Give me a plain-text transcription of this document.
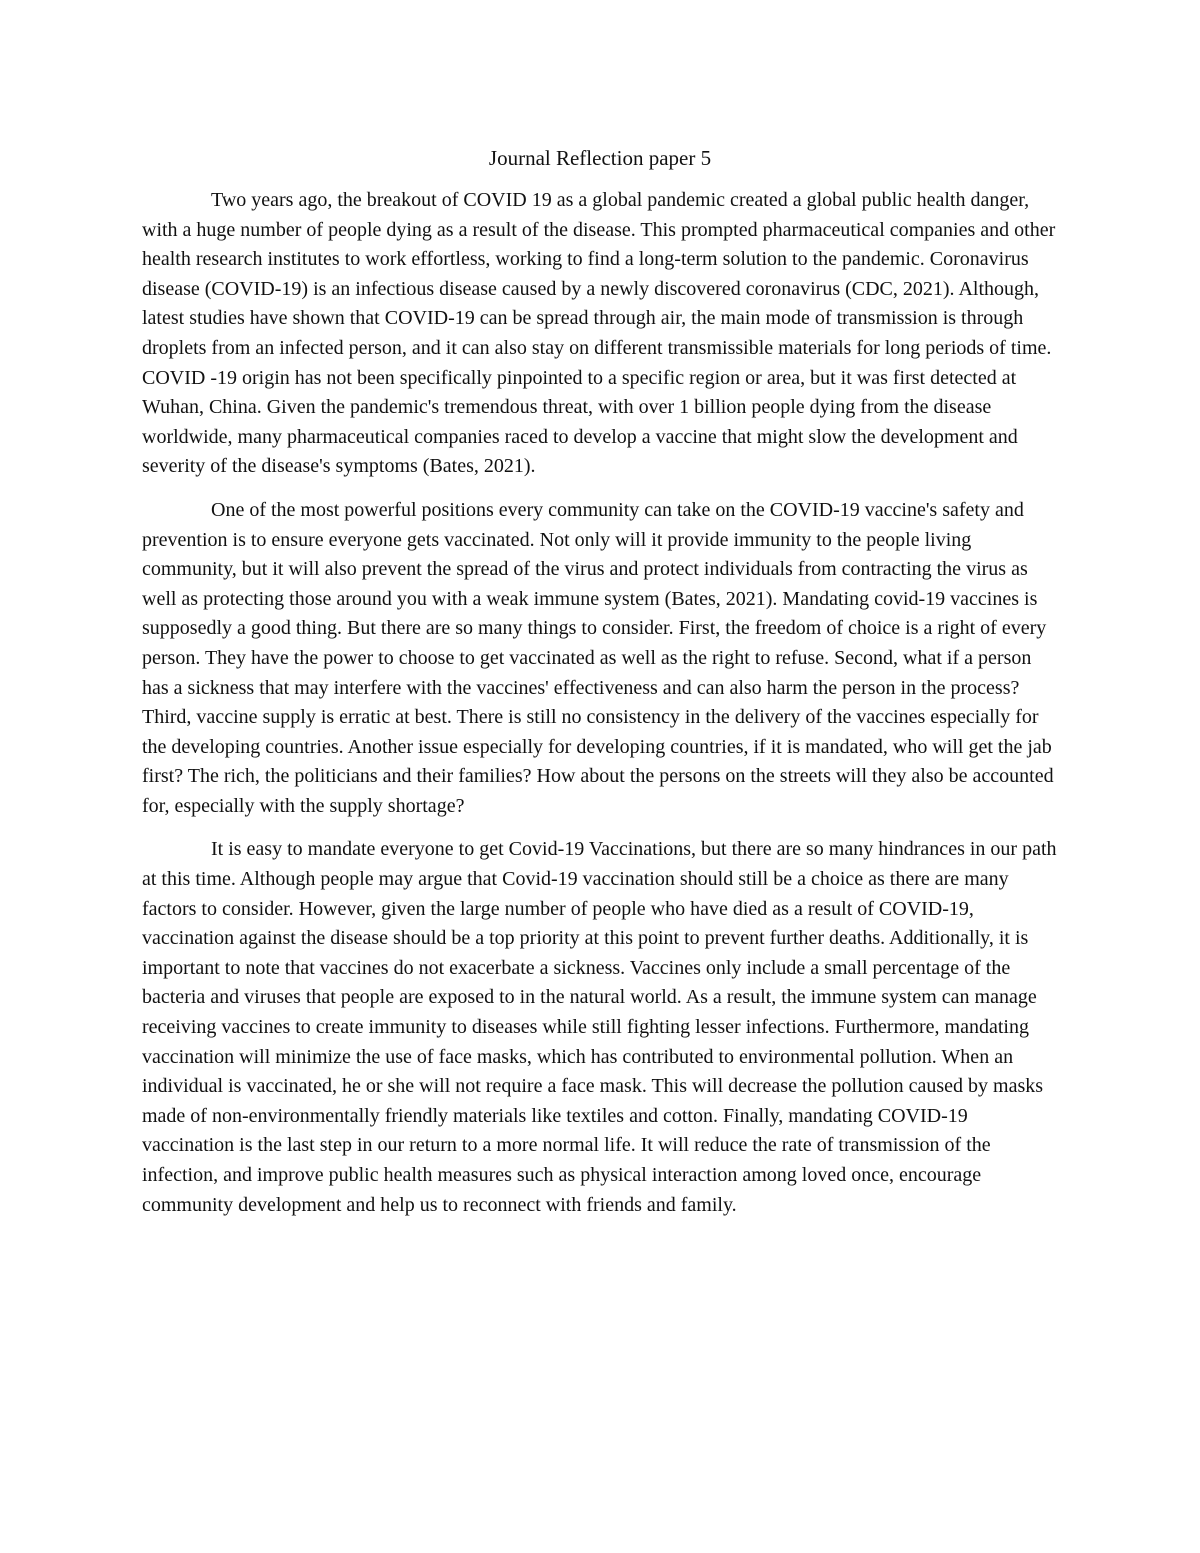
Journal Reflection paper 5

Two years ago, the breakout of COVID 19 as a global pandemic created a global public health danger, with a huge number of people dying as a result of the disease. This prompted pharmaceutical companies and other health research institutes to work effortless, working to find a long-term solution to the pandemic. Coronavirus disease (COVID-19) is an infectious disease caused by a newly discovered coronavirus (CDC, 2021). Although, latest studies have shown that COVID-19 can be spread through air, the main mode of transmission is through droplets from an infected person, and it can also stay on different transmissible materials for long periods of time. COVID -19 origin has not been specifically pinpointed to a specific region or area, but it was first detected at Wuhan, China. Given the pandemic's tremendous threat, with over 1 billion people dying from the disease worldwide, many pharmaceutical companies raced to develop a vaccine that might slow the development and severity of the disease's symptoms (Bates, 2021).

One of the most powerful positions every community can take on the COVID-19 vaccine's safety and prevention is to ensure everyone gets vaccinated. Not only will it provide immunity to the people living community, but it will also prevent the spread of the virus and protect individuals from contracting the virus as well as protecting those around you with a weak immune system (Bates, 2021). Mandating covid-19 vaccines is supposedly a good thing. But there are so many things to consider. First, the freedom of choice is a right of every person. They have the power to choose to get vaccinated as well as the right to refuse. Second, what if a person has a sickness that may interfere with the vaccines' effectiveness and can also harm the person in the process? Third, vaccine supply is erratic at best. There is still no consistency in the delivery of the vaccines especially for the developing countries. Another issue especially for developing countries, if it is mandated, who will get the jab first? The rich, the politicians and their families? How about the persons on the streets will they also be accounted for, especially with the supply shortage?

It is easy to mandate everyone to get Covid-19 Vaccinations, but there are so many hindrances in our path at this time. Although people may argue that Covid-19 vaccination should still be a choice as there are many factors to consider. However, given the large number of people who have died as a result of COVID-19, vaccination against the disease should be a top priority at this point to prevent further deaths. Additionally, it is important to note that vaccines do not exacerbate a sickness. Vaccines only include a small percentage of the bacteria and viruses that people are exposed to in the natural world. As a result, the immune system can manage receiving vaccines to create immunity to diseases while still fighting lesser infections. Furthermore, mandating vaccination will minimize the use of face masks, which has contributed to environmental pollution. When an individual is vaccinated, he or she will not require a face mask. This will decrease the pollution caused by masks made of non-environmentally friendly materials like textiles and cotton. Finally, mandating COVID-19 vaccination is the last step in our return to a more normal life. It will reduce the rate of transmission of the infection, and improve public health measures such as physical interaction among loved once, encourage community development and help us to reconnect with friends and family.
